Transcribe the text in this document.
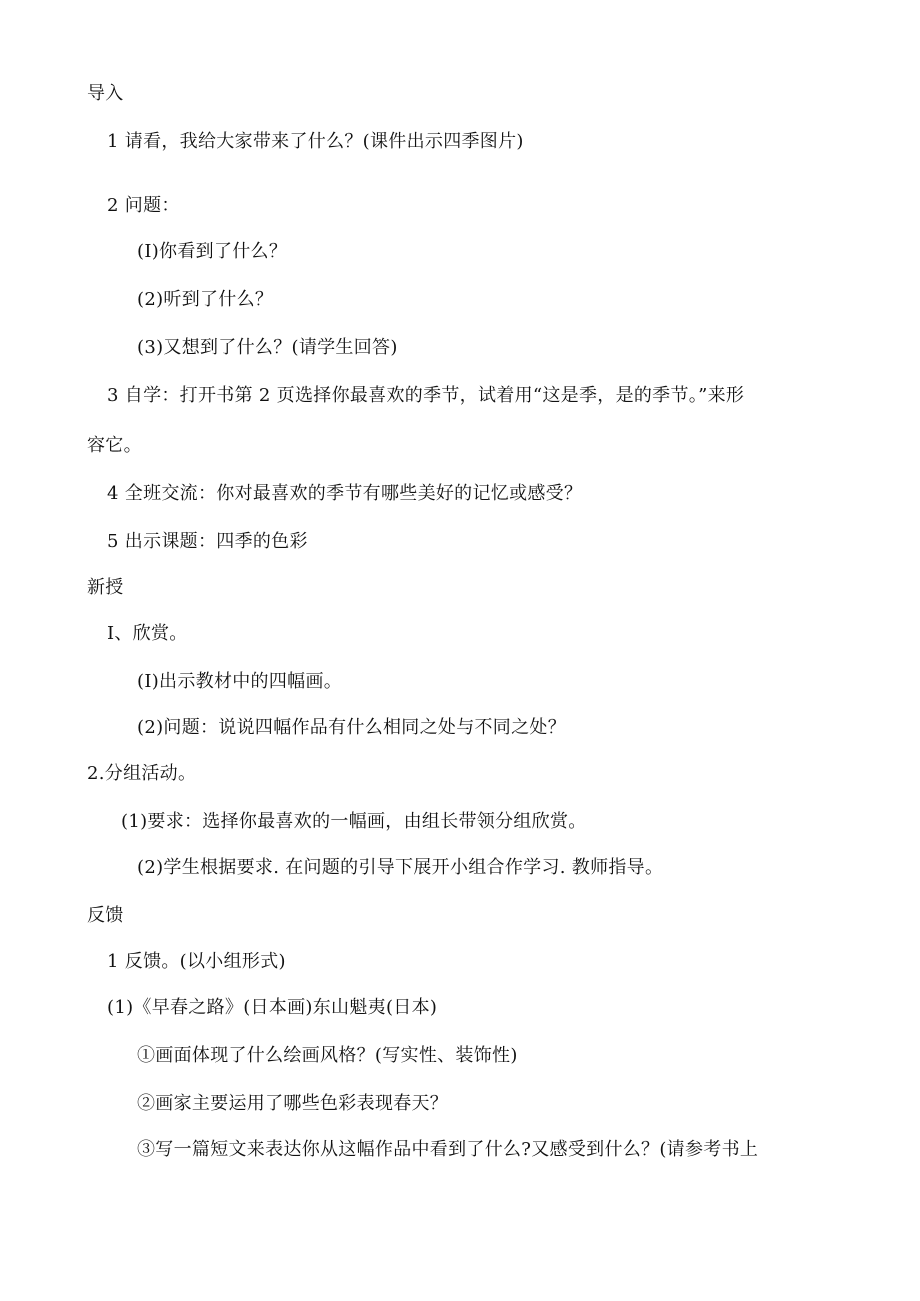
导入
1 请看，我给大家带来了什么？(课件出示四季图片)
2 问题：
(I)你看到了什么？
(2)听到了什么？
(3)又想到了什么？(请学生回答)
3 自学：打开书第 2 页选择你最喜欢的季节，试着用“这是季，是的季节。”来形
容它。
4 全班交流：你对最喜欢的季节有哪些美好的记忆或感受？
5 出示课题：四季的色彩
新授
I、欣赏。
(I)出示教材中的四幅画。
(2)问题：说说四幅作品有什么相同之处与不同之处？
2.分组活动。
(1)要求：选择你最喜欢的一幅画，由组长带领分组欣赏。
(2)学生根据要求. 在问题的引导下展开小组合作学习. 教师指导。
反馈
1 反馈。(以小组形式)
(1)《早春之路》(日本画)东山魁夷(日本)
①画面体现了什么绘画风格？(写实性、装饰性)
②画家主要运用了哪些色彩表现春天？
③写一篇短文来表达你从这幅作品中看到了什么?又感受到什么？(请参考书上
